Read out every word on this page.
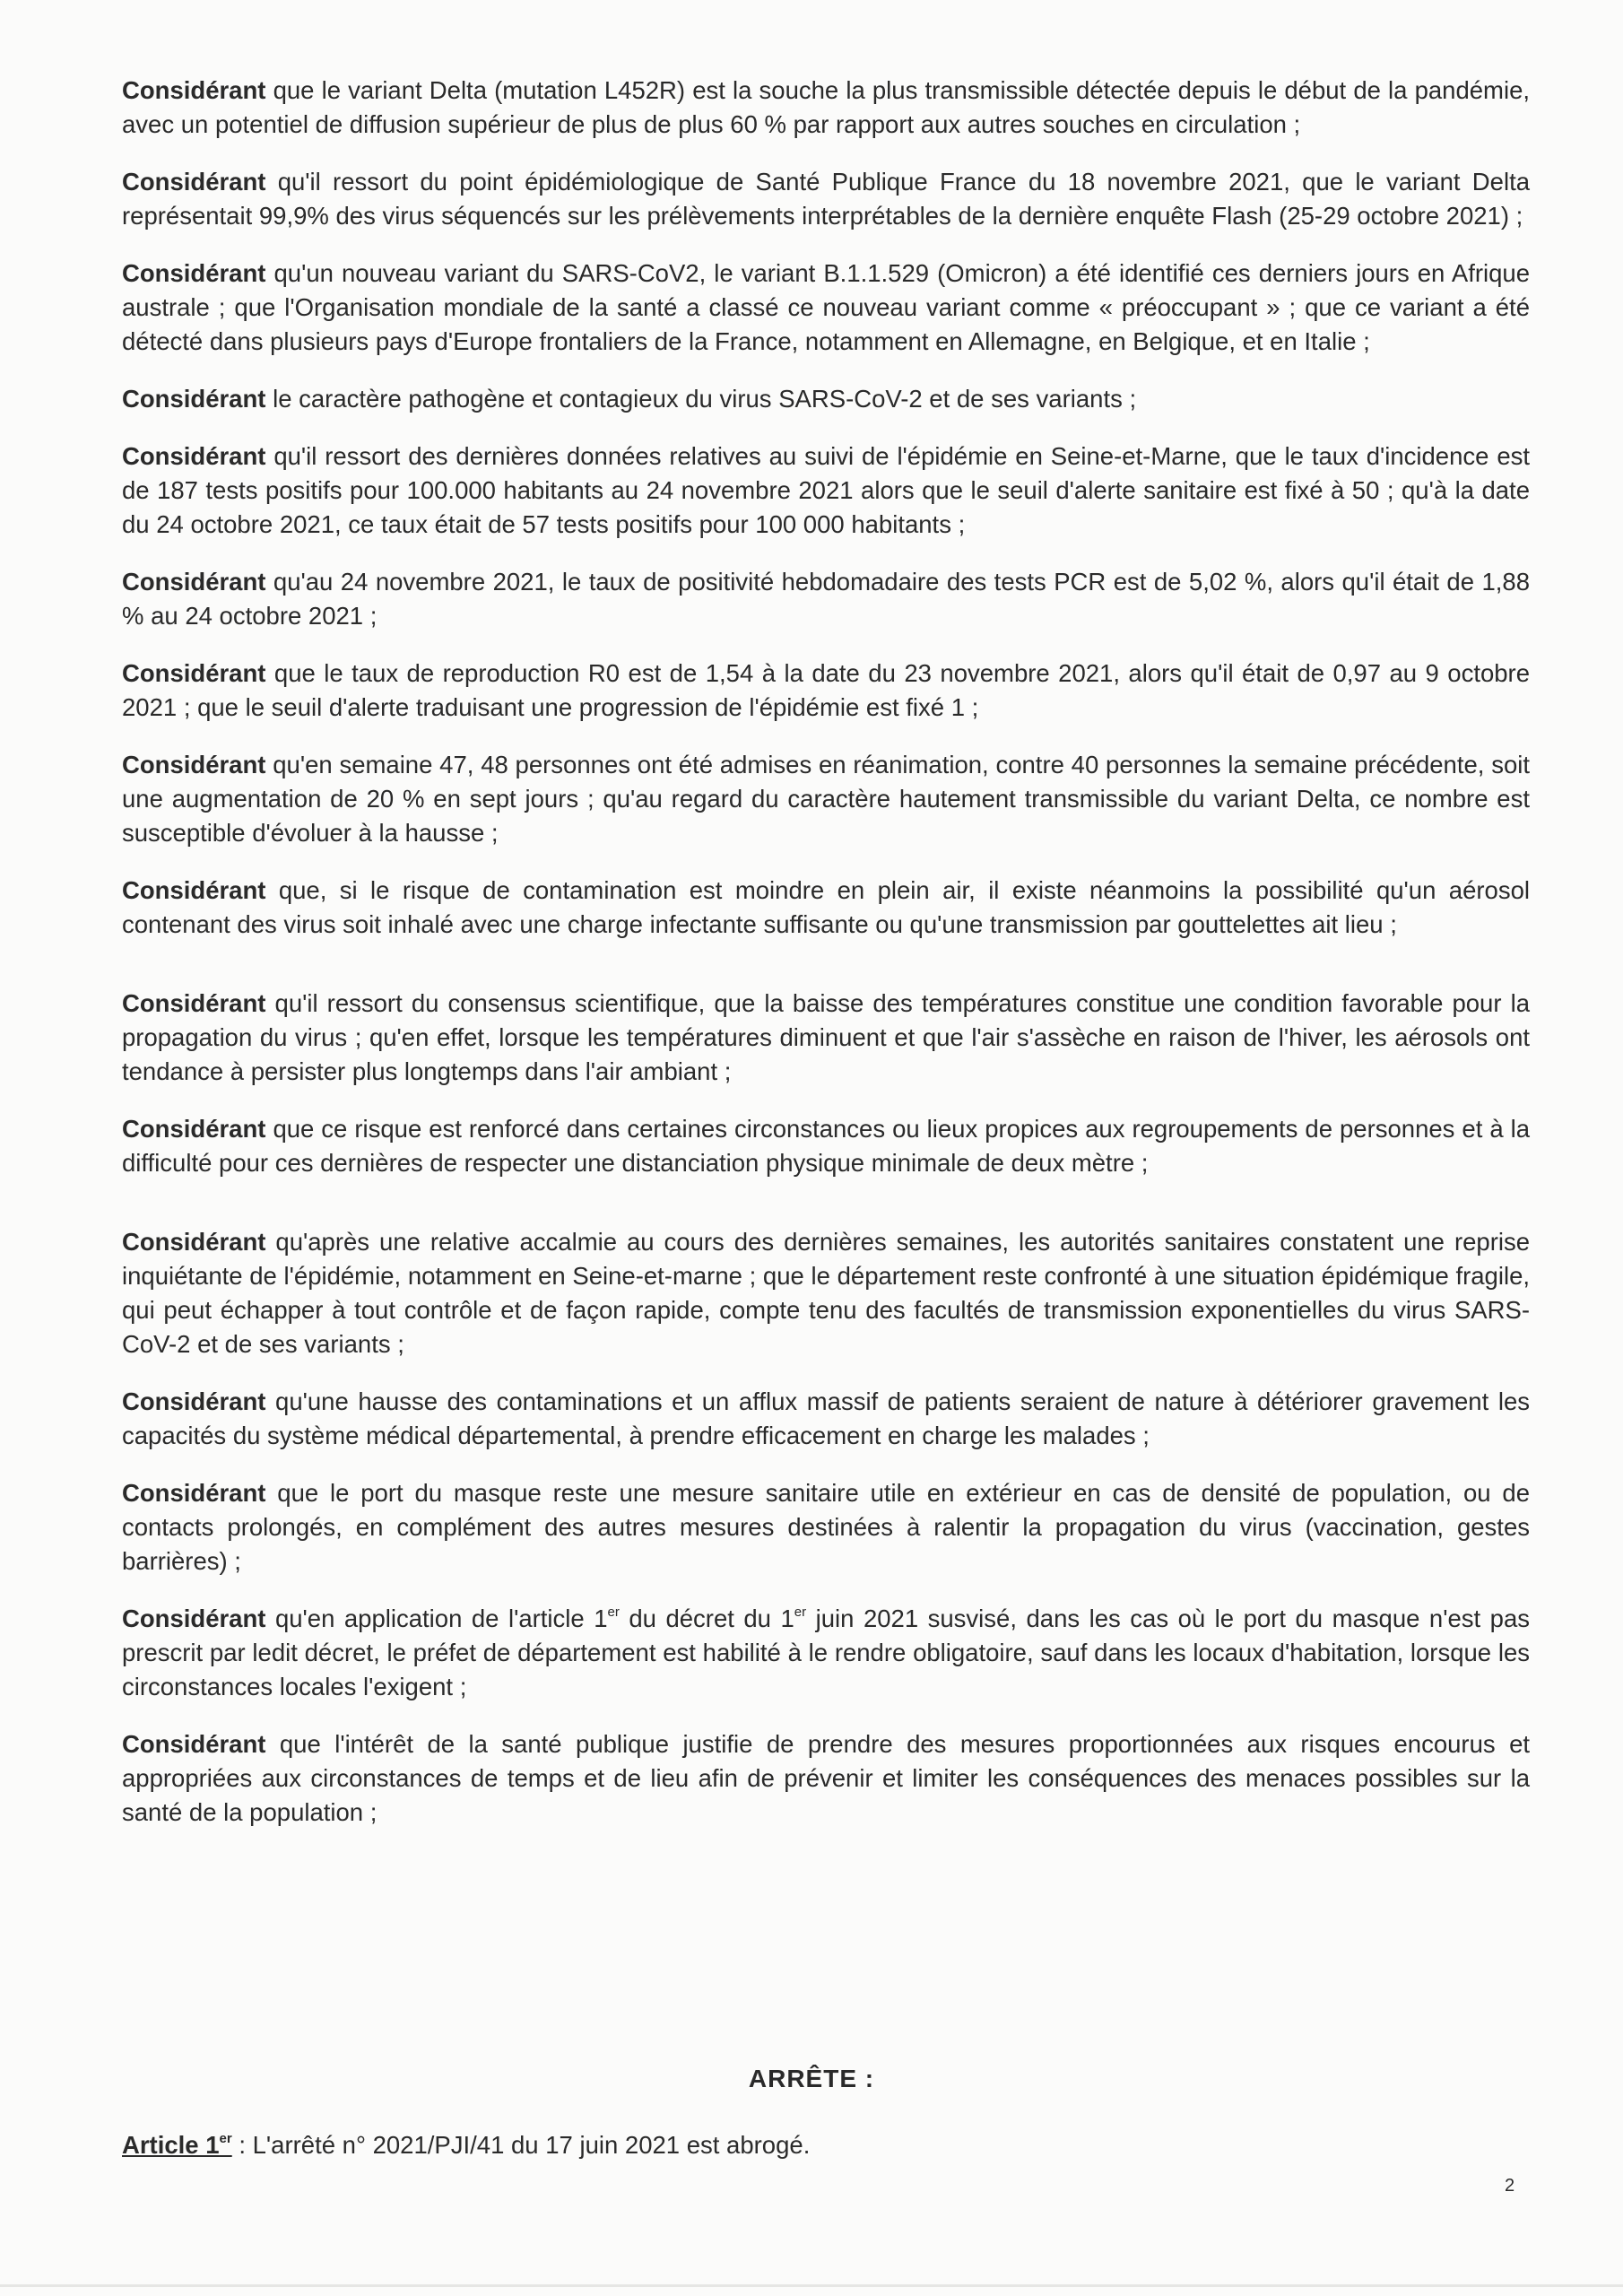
Considérant que le variant Delta (mutation L452R) est la souche la plus transmissible détectée depuis le début de la pandémie, avec un potentiel de diffusion supérieur de plus de plus 60 % par rapport aux autres souches en circulation ;

Considérant qu'il ressort du point épidémiologique de Santé Publique France du 18 novembre 2021, que le variant Delta représentait 99,9% des virus séquencés sur les prélèvements interprétables de la dernière enquête Flash (25-29 octobre 2021) ;

Considérant qu'un nouveau variant du SARS-CoV2, le variant B.1.1.529 (Omicron) a été identifié ces derniers jours en Afrique australe ; que l'Organisation mondiale de la santé a classé ce nouveau variant comme « préoccupant » ; que ce variant a été détecté dans plusieurs pays d'Europe frontaliers de la France, notamment en Allemagne, en Belgique, et en Italie ;

Considérant le caractère pathogène et contagieux du virus SARS-CoV-2 et de ses variants ;

Considérant qu'il ressort des dernières données relatives au suivi de l'épidémie en Seine-et-Marne, que le taux d'incidence est de 187 tests positifs pour 100.000 habitants au 24 novembre 2021 alors que le seuil d'alerte sanitaire est fixé à 50 ; qu'à la date du 24 octobre 2021, ce taux était de 57 tests positifs pour 100 000 habitants ;

Considérant qu'au 24 novembre 2021, le taux de positivité hebdomadaire des tests PCR est de 5,02 %, alors qu'il était de 1,88 % au 24 octobre 2021 ;

Considérant que le taux de reproduction R0 est de 1,54 à la date du 23 novembre 2021, alors qu'il était de 0,97 au 9 octobre 2021 ; que le seuil d'alerte traduisant une progression de l'épidémie est fixé 1 ;

Considérant qu'en semaine 47, 48 personnes ont été admises en réanimation, contre 40 personnes la semaine précédente, soit une augmentation de 20 % en sept jours ; qu'au regard du caractère hautement transmissible du variant Delta, ce nombre est susceptible d'évoluer à la hausse ;

Considérant que, si le risque de contamination est moindre en plein air, il existe néanmoins la possibilité qu'un aérosol contenant des virus soit inhalé avec une charge infectante suffisante ou qu'une transmission par gouttelettes ait lieu ;

Considérant qu'il ressort du consensus scientifique, que la baisse des températures constitue une condition favorable pour la propagation du virus ; qu'en effet, lorsque les températures diminuent et que l'air s'assèche en raison de l'hiver, les aérosols ont tendance à persister plus longtemps dans l'air ambiant ;

Considérant que ce risque est renforcé dans certaines circonstances ou lieux propices aux regroupements de personnes et à la difficulté pour ces dernières de respecter une distanciation physique minimale de deux mètre ;

Considérant qu'après une relative accalmie au cours des dernières semaines, les autorités sanitaires constatent une reprise inquiétante de l'épidémie, notamment en Seine-et-marne ; que le département reste confronté à une situation épidémique fragile, qui peut échapper à tout contrôle et de façon rapide, compte tenu des facultés de transmission exponentielles du virus SARS-CoV-2 et de ses variants ;

Considérant qu'une hausse des contaminations et un afflux massif de patients seraient de nature à détériorer gravement les capacités du système médical départemental, à prendre efficacement en charge les malades ;

Considérant que le port du masque reste une mesure sanitaire utile en extérieur en cas de densité de population, ou de contacts prolongés, en complément des autres mesures destinées à ralentir la propagation du virus (vaccination, gestes barrières) ;

Considérant qu'en application de l'article 1er du décret du 1er juin 2021 susvisé, dans les cas où le port du masque n'est pas prescrit par ledit décret, le préfet de département est habilité à le rendre obligatoire, sauf dans les locaux d'habitation, lorsque les circonstances locales l'exigent ;

Considérant que l'intérêt de la santé publique justifie de prendre des mesures proportionnées aux risques encourus et appropriées aux circonstances de temps et de lieu afin de prévenir et limiter les conséquences des menaces possibles sur la santé de la population ;

ARRÊTE :
Article 1er : L'arrêté n° 2021/PJI/41 du 17 juin 2021 est abrogé.
2
